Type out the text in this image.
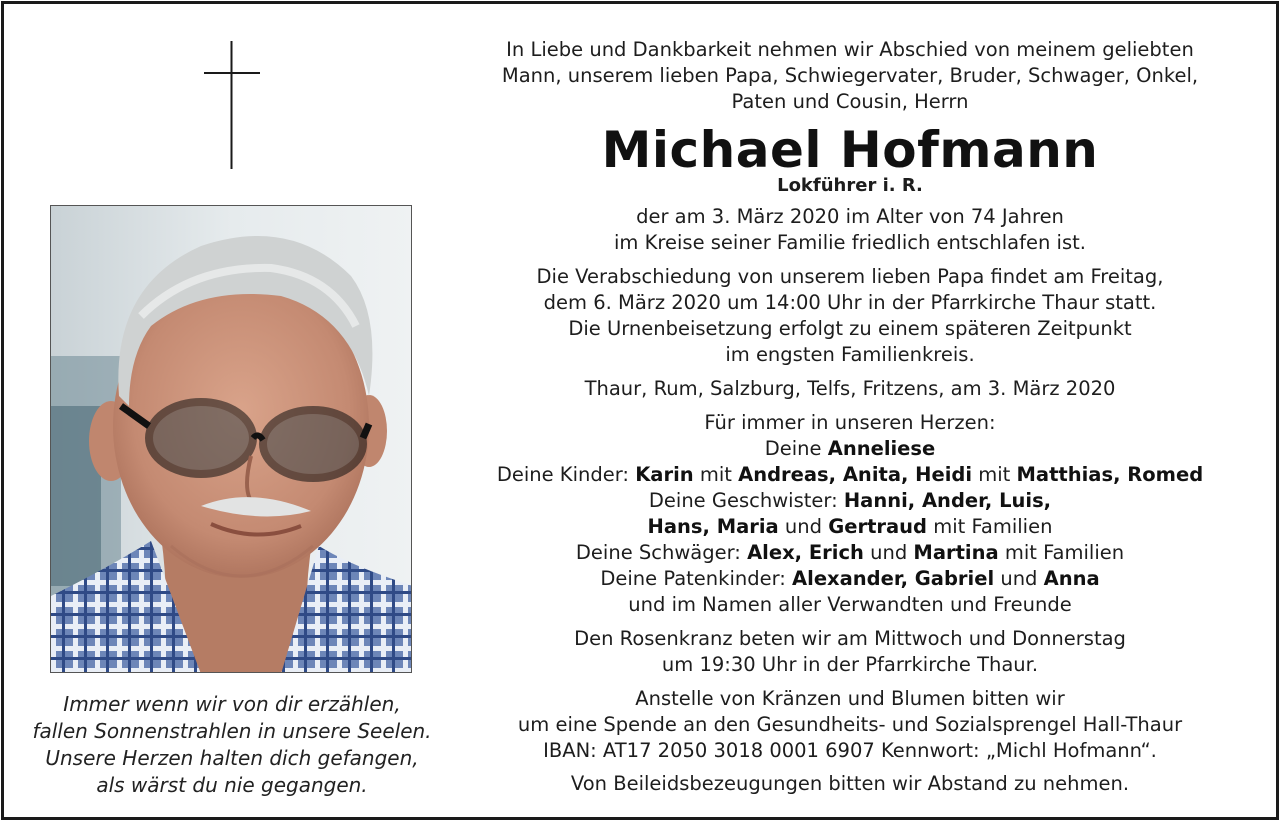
Immer wenn wir von dir erzählen,
fallen Sonnenstrahlen in unsere Seelen.
Unsere Herzen halten dich gefangen,
als wärst du nie gegangen.
In Liebe und Dankbarkeit nehmen wir Abschied von meinem geliebten
Mann, unserem lieben Papa, Schwiegervater, Bruder, Schwager, Onkel,
Paten und Cousin, Herrn
Michael Hofmann
Lokführer i. R.
der am 3. März 2020 im Alter von 74 Jahren
im Kreise seiner Familie friedlich entschlafen ist.
Die Verabschiedung von unserem lieben Papa findet am Freitag,
dem 6. März 2020 um 14:00 Uhr in der Pfarrkirche Thaur statt.
Die Urnenbeisetzung erfolgt zu einem späteren Zeitpunkt
im engsten Familienkreis.
Thaur, Rum, Salzburg, Telfs, Fritzens, am 3. März 2020
Für immer in unseren Herzen:
Deine Anneliese
Deine Kinder: Karin mit Andreas, Anita, Heidi mit Matthias, Romed
Deine Geschwister: Hanni, Ander, Luis,
Hans, Maria und Gertraud mit Familien
Deine Schwäger: Alex, Erich und Martina mit Familien
Deine Patenkinder: Alexander, Gabriel und Anna
und im Namen aller Verwandten und Freunde
Den Rosenkranz beten wir am Mittwoch und Donnerstag
um 19:30 Uhr in der Pfarrkirche Thaur.
Anstelle von Kränzen und Blumen bitten wir
um eine Spende an den Gesundheits- und Sozialsprengel Hall-Thaur
IBAN: AT17 2050 3018 0001 6907 Kennwort: „Michl Hofmann“.
Von Beileidsbezeugungen bitten wir Abstand zu nehmen.
